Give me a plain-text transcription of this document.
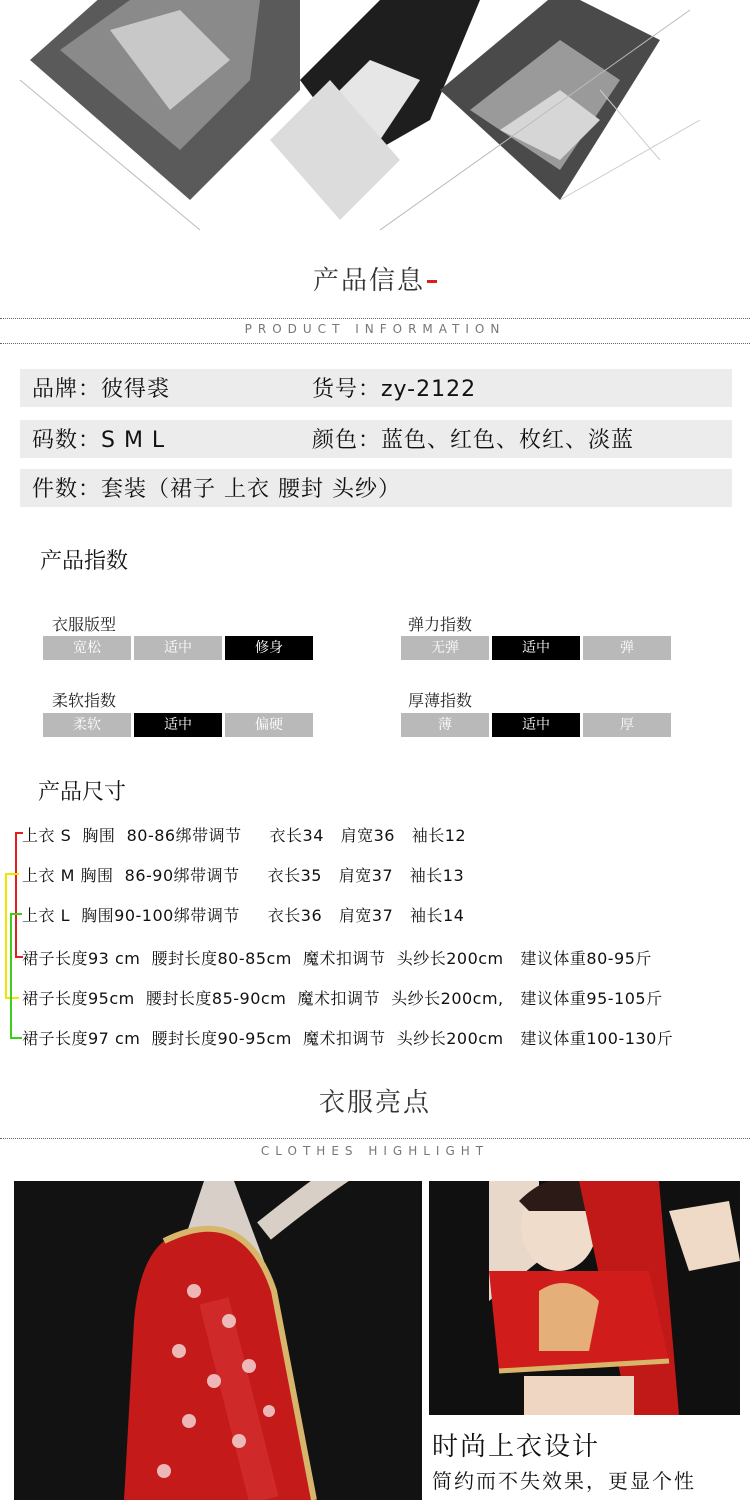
产品信息
PRODUCT INFORMATION
品牌：彼得裘	货号：zy-2122
码数：S M L	颜色：蓝色、红色、枚红、淡蓝
件数：套装（裙子 上衣 腰封 头纱）
产品指数
衣服版型
宽松	适中	修身
弹力指数
无弹	适中	弹
柔软指数
柔软	适中	偏硬
厚薄指数
薄	适中	厚
产品尺寸
上衣 S  胸围  80-86绑带调节     衣长34   肩宽36   袖长12
上衣 M 胸围  86-90绑带调节     衣长35   肩宽37   袖长13
上衣 L  胸围90-100绑带调节     衣长36   肩宽37   袖长14
裙子长度93 cm  腰封长度80-85cm  魔术扣调节  头纱长200cm   建议体重80-95斤
裙子长度95cm  腰封长度85-90cm  魔术扣调节  头纱长200cm,   建议体重95-105斤
裙子长度97 cm  腰封长度90-95cm  魔术扣调节  头纱长200cm   建议体重100-130斤
衣服亮点
CLOTHES HIGHLIGHT
时尚上衣设计
简约而不失效果，更显个性
